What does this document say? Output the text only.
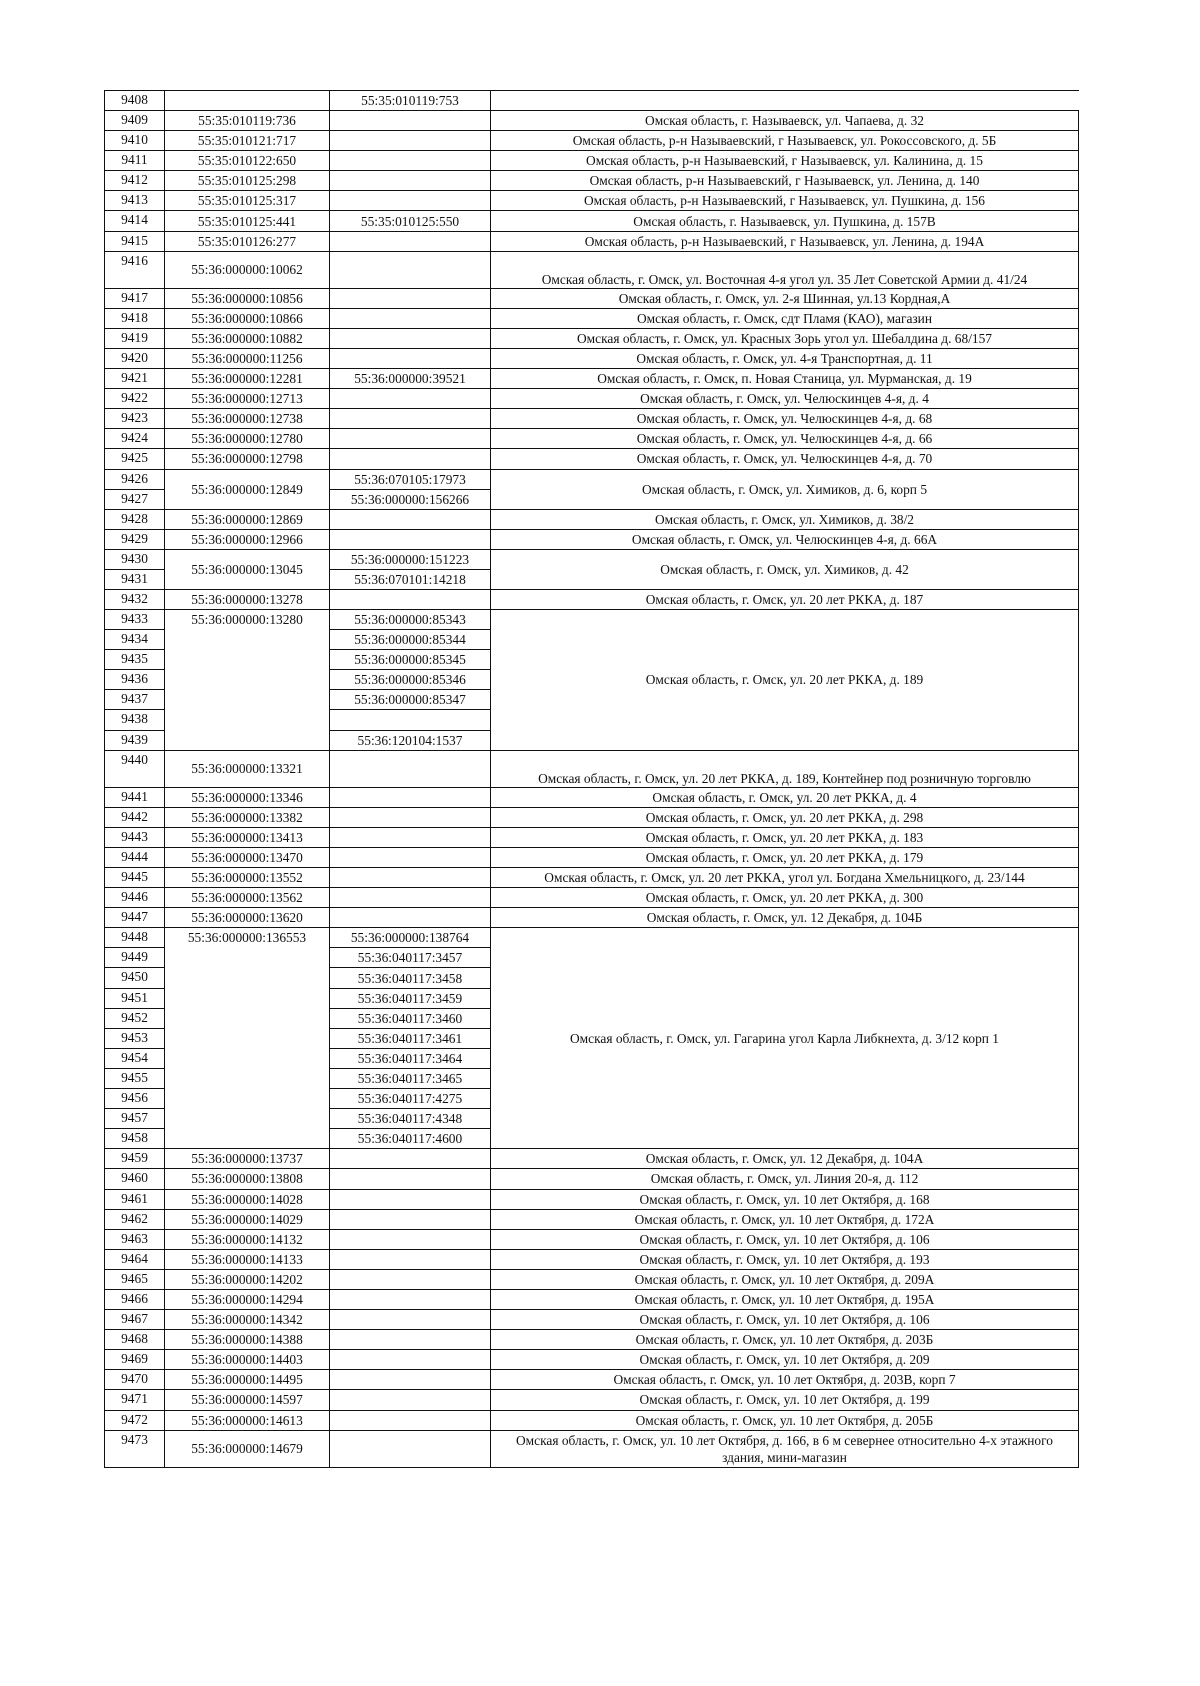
9408		55:35:010119:753	
9409	55:35:010119:736		Омская область, г. Называевск, ул. Чапаева, д. 32
9410	55:35:010121:717		Омская область, р-н Называевский, г Называевск, ул. Рокоссовского, д. 5Б
9411	55:35:010122:650		Омская область, р-н Называевский, г Называевск, ул. Калинина, д. 15
9412	55:35:010125:298		Омская область, р-н Называевский, г Называевск, ул. Ленина, д. 140
9413	55:35:010125:317		Омская область, р-н Называевский, г Называевск, ул. Пушкина, д. 156
9414	55:35:010125:441	55:35:010125:550	Омская область, г. Называевск, ул. Пушкина, д. 157В
9415	55:35:010126:277		Омская область, р-н Называевский, г Называевск, ул. Ленина, д. 194А
9416	55:36:000000:10062		Омская область, г. Омск, ул. Восточная 4-я угол ул. 35 Лет Советской Армии д. 41/24
9417	55:36:000000:10856		Омская область, г. Омск, ул. 2-я Шинная, ул.13 Кордная,А
9418	55:36:000000:10866		Омская область, г. Омск, сдт Пламя (КАО), магазин
9419	55:36:000000:10882		Омская область, г. Омск, ул. Красных Зорь угол ул. Шебалдина д. 68/157
9420	55:36:000000:11256		Омская область, г. Омск, ул. 4-я Транспортная, д. 11
9421	55:36:000000:12281	55:36:000000:39521	Омская область, г. Омск, п. Новая Станица, ул. Мурманская, д. 19
9422	55:36:000000:12713		Омская область, г. Омск, ул. Челюскинцев 4-я, д. 4
9423	55:36:000000:12738		Омская область, г. Омск, ул. Челюскинцев 4-я, д. 68
9424	55:36:000000:12780		Омская область, г. Омск, ул. Челюскинцев 4-я, д. 66
9425	55:36:000000:12798		Омская область, г. Омск, ул. Челюскинцев 4-я, д. 70
9426	55:36:000000:12849	55:36:070105:17973	Омская область, г. Омск, ул. Химиков, д. 6, корп 5
9427		55:36:000000:156266	
9428	55:36:000000:12869		Омская область, г. Омск, ул. Химиков, д. 38/2
9429	55:36:000000:12966		Омская область, г. Омск, ул. Челюскинцев 4-я, д. 66А
9430	55:36:000000:13045	55:36:000000:151223	Омская область, г. Омск, ул. Химиков, д. 42
9431		55:36:070101:14218	
9432	55:36:000000:13278		Омская область, г. Омск, ул. 20 лет РККА, д. 187
9433	55:36:000000:13280	55:36:000000:85343	Омская область, г. Омск, ул. 20 лет РККА, д. 189
9434		55:36:000000:85344	
9435		55:36:000000:85345	
9436		55:36:000000:85346	
9437		55:36:000000:85347	
9438			
9439		55:36:120104:1537	
9440	55:36:000000:13321		Омская область, г. Омск, ул. 20 лет РККА, д. 189, Контейнер под розничную торговлю
9441	55:36:000000:13346		Омская область, г. Омск, ул. 20 лет РККА, д. 4
9442	55:36:000000:13382		Омская область, г. Омск, ул. 20 лет РККА, д. 298
9443	55:36:000000:13413		Омская область, г. Омск, ул. 20 лет РККА, д. 183
9444	55:36:000000:13470		Омская область, г. Омск, ул. 20 лет РККА, д. 179
9445	55:36:000000:13552		Омская область, г. Омск, ул. 20 лет РККА, угол ул. Богдана Хмельницкого, д. 23/144
9446	55:36:000000:13562		Омская область, г. Омск, ул. 20 лет РККА, д. 300
9447	55:36:000000:13620		Омская область, г. Омск, ул. 12 Декабря, д. 104Б
9448	55:36:000000:136553	55:36:000000:138764	Омская область, г. Омск, ул. Гагарина угол Карла Либкнехта, д. 3/12 корп 1
9449		55:36:040117:3457	
9450		55:36:040117:3458	
9451		55:36:040117:3459	
9452		55:36:040117:3460	
9453		55:36:040117:3461	
9454		55:36:040117:3464	
9455		55:36:040117:3465	
9456		55:36:040117:4275	
9457		55:36:040117:4348	
9458		55:36:040117:4600	
9459	55:36:000000:13737		Омская область, г. Омск, ул. 12 Декабря, д. 104А
9460	55:36:000000:13808		Омская область, г. Омск, ул. Линия 20-я, д. 112
9461	55:36:000000:14028		Омская область, г. Омск, ул. 10 лет Октября, д. 168
9462	55:36:000000:14029		Омская область, г. Омск, ул. 10 лет Октября, д. 172А
9463	55:36:000000:14132		Омская область, г. Омск, ул. 10 лет Октября, д. 106
9464	55:36:000000:14133		Омская область, г. Омск, ул. 10 лет Октября, д. 193
9465	55:36:000000:14202		Омская область, г. Омск, ул. 10 лет Октября, д. 209А
9466	55:36:000000:14294		Омская область, г. Омск, ул. 10 лет Октября, д. 195А
9467	55:36:000000:14342		Омская область, г. Омск, ул. 10 лет Октября, д. 106
9468	55:36:000000:14388		Омская область, г. Омск, ул. 10 лет Октября, д. 203Б
9469	55:36:000000:14403		Омская область, г. Омск, ул. 10 лет Октября, д. 209
9470	55:36:000000:14495		Омская область, г. Омск, ул. 10 лет Октября, д. 203В, корп 7
9471	55:36:000000:14597		Омская область, г. Омск, ул. 10 лет Октября, д. 199
9472	55:36:000000:14613		Омская область, г. Омск, ул. 10 лет Октября, д. 205Б
9473	55:36:000000:14679		Омская область, г. Омск, ул. 10 лет Октября, д. 166, в 6 м севернее относительно 4-х этажного здания, мини-магазин
